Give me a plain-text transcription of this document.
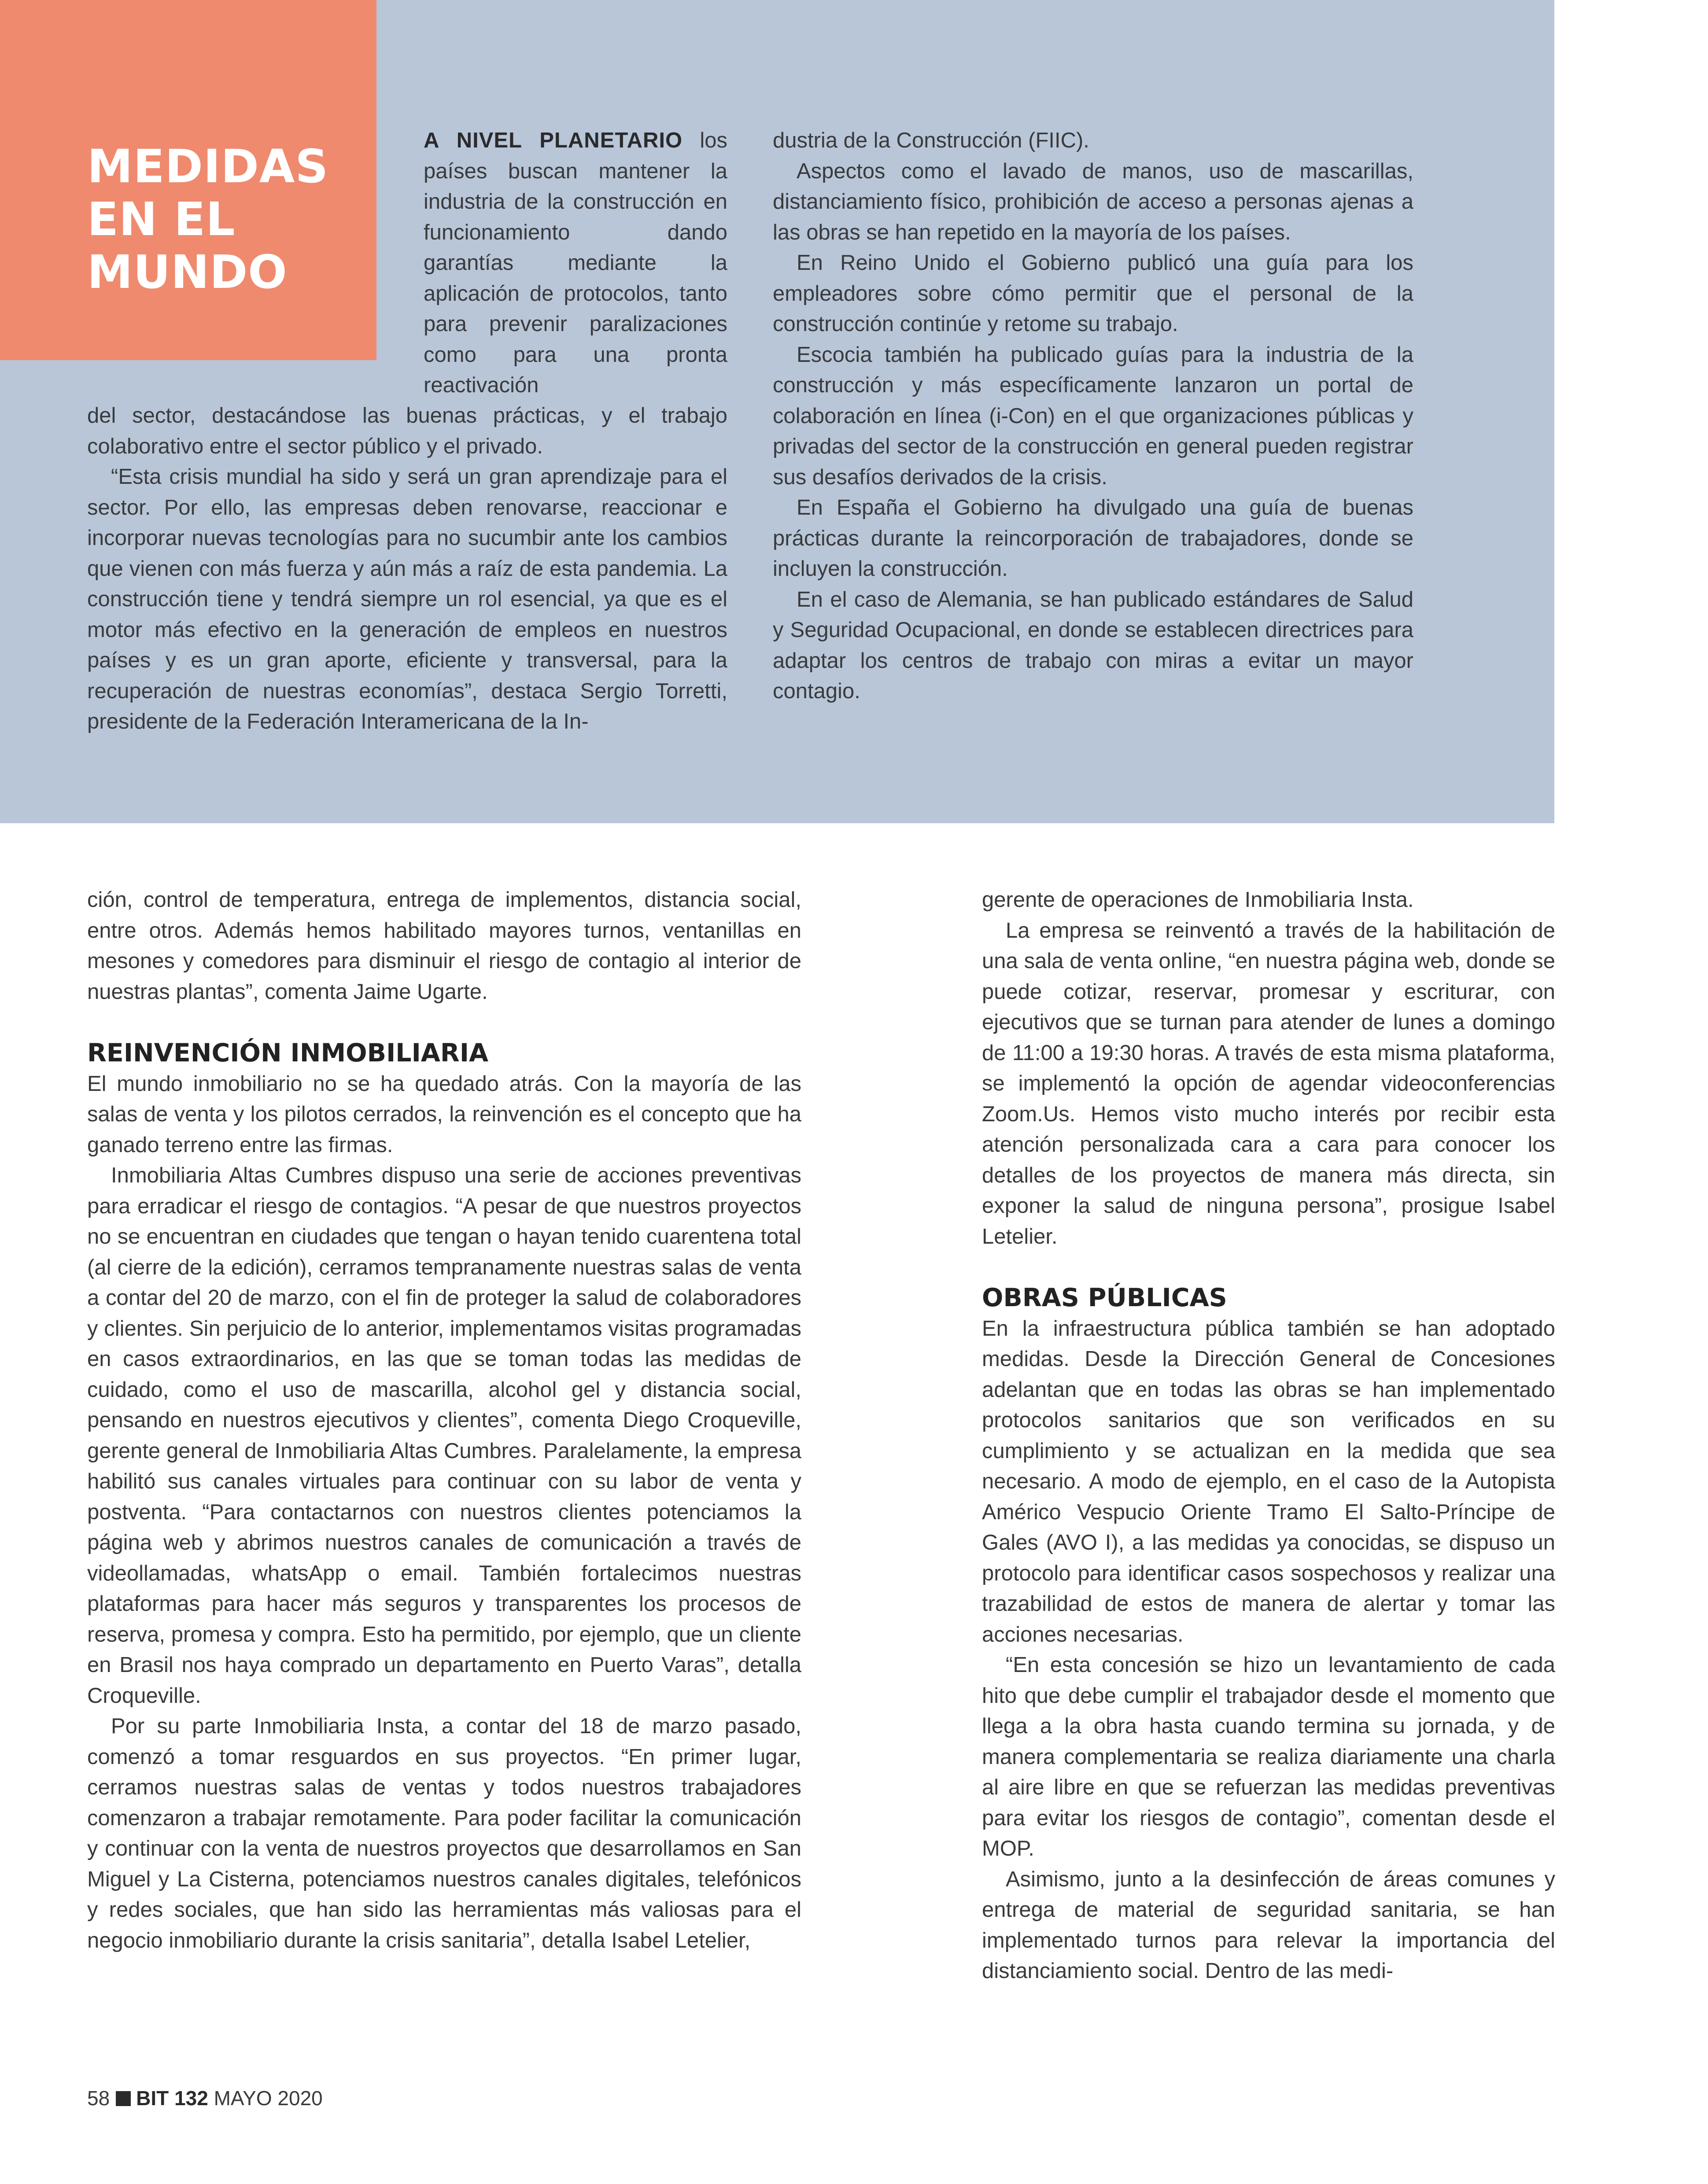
MEDIDAS
EN EL
MUNDO

A NIVEL PLANETARIO los países buscan mantener la industria de la construcción en funcionamiento dando garantías mediante la aplicación de protocolos, tanto para prevenir paralizaciones como para una pronta reactivación

del sector, destacándose las buenas prácticas, y el trabajo colaborativo entre el sector público y el privado.

“Esta crisis mundial ha sido y será un gran aprendizaje para el sector. Por ello, las empresas deben renovarse, reaccionar e incorporar nuevas tecnologías para no sucumbir ante los cambios que vienen con más fuerza y aún más a raíz de esta pandemia. La construcción tiene y tendrá siempre un rol esencial, ya que es el motor más efectivo en la generación de empleos en nuestros países y es un gran aporte, eficiente y transversal, para la recuperación de nuestras economías”, destaca Sergio Torretti, presidente de la Federación Interamericana de la In-

dustria de la Construcción (FIIC).

Aspectos como el lavado de manos, uso de mascarillas, distanciamiento físico, prohibición de acceso a personas ajenas a las obras se han repetido en la mayoría de los países.

En Reino Unido el Gobierno publicó una guía para los empleadores sobre cómo permitir que el personal de la construcción continúe y retome su trabajo.

Escocia también ha publicado guías para la industria de la construcción y más específicamente lanzaron un portal de colaboración en línea (i-Con) en el que organizaciones públicas y privadas del sector de la construcción en general pueden registrar sus desafíos derivados de la crisis.

En España el Gobierno ha divulgado una guía de buenas prácticas durante la reincorporación de trabajadores, donde se incluyen la construcción.

En el caso de Alemania, se han publicado estándares de Salud y Seguridad Ocupacional, en donde se establecen directrices para adaptar los centros de trabajo con miras a evitar un mayor contagio.

ción, control de temperatura, entrega de implementos, distancia social, entre otros. Además hemos habilitado mayores turnos, ventanillas en mesones y comedores para disminuir el riesgo de contagio al interior de nuestras plantas”, comenta Jaime Ugarte.

REINVENCIÓN INMOBILIARIA

El mundo inmobiliario no se ha quedado atrás. Con la mayoría de las salas de venta y los pilotos cerrados, la reinvención es el concepto que ha ganado terreno entre las firmas.

Inmobiliaria Altas Cumbres dispuso una serie de acciones preventivas para erradicar el riesgo de contagios. “A pesar de que nuestros proyectos no se encuentran en ciudades que tengan o hayan tenido cuarentena total (al cierre de la edición), cerramos tempranamente nuestras salas de venta a contar del 20 de marzo, con el fin de proteger la salud de colaboradores y clientes. Sin perjuicio de lo anterior, implementamos visitas programadas en casos extraordinarios, en las que se toman todas las medidas de cuidado, como el uso de mascarilla, alcohol gel y distancia social, pensando en nuestros ejecutivos y clientes”, comenta Diego Croqueville, gerente general de Inmobiliaria Altas Cumbres. Paralelamente, la empresa habilitó sus canales virtuales para continuar con su labor de venta y postventa. “Para contactarnos con nuestros clientes potenciamos la página web y abrimos nuestros canales de comunicación a través de videollamadas, whatsApp o email. También fortalecimos nuestras plataformas para hacer más seguros y transparentes los procesos de reserva, promesa y compra. Esto ha permitido, por ejemplo, que un cliente en Brasil nos haya comprado un departamento en Puerto Varas”, detalla Croqueville.

Por su parte Inmobiliaria Insta, a contar del 18 de marzo pasado, comenzó a tomar resguardos en sus proyectos. “En primer lugar, cerramos nuestras salas de ventas y todos nuestros trabajadores comenzaron a trabajar remotamente. Para poder facilitar la comunicación y continuar con la venta de nuestros proyectos que desarrollamos en San Miguel y La Cisterna, potenciamos nuestros canales digitales, telefónicos y redes sociales, que han sido las herramientas más valiosas para el negocio inmobiliario durante la crisis sanitaria”, detalla Isabel Letelier,

gerente de operaciones de Inmobiliaria Insta.

La empresa se reinventó a través de la habilitación de una sala de venta online, “en nuestra página web, donde se puede cotizar, reservar, promesar y escriturar, con ejecutivos que se turnan para atender de lunes a domingo de 11:00 a 19:30 horas. A través de esta misma plataforma, se implementó la opción de agendar videoconferencias Zoom.Us. Hemos visto mucho interés por recibir esta atención personalizada cara a cara para conocer los detalles de los proyectos de manera más directa, sin exponer la salud de ninguna persona”, prosigue Isabel Letelier.

OBRAS PÚBLICAS

En la infraestructura pública también se han adoptado medidas. Desde la Dirección General de Concesiones adelantan que en todas las obras se han implementado protocolos sanitarios que son verificados en su cumplimiento y se actualizan en la medida que sea necesario. A modo de ejemplo, en el caso de la Autopista Américo Vespucio Oriente Tramo El Salto-Príncipe de Gales (AVO I), a las medidas ya conocidas, se dispuso un protocolo para identificar casos sospechosos y realizar una trazabilidad de estos de manera de alertar y tomar las acciones necesarias.

“En esta concesión se hizo un levantamiento de cada hito que debe cumplir el trabajador desde el momento que llega a la obra hasta cuando termina su jornada, y de manera complementaria se realiza diariamente una charla al aire libre en que se refuerzan las medidas preventivas para evitar los riesgos de contagio”, comentan desde el MOP.

Asimismo, junto a la desinfección de áreas comunes y entrega de material de seguridad sanitaria, se han implementado turnos para relevar la importancia del distanciamiento social. Dentro de las medi-

58 BIT 132 MAYO 2020
